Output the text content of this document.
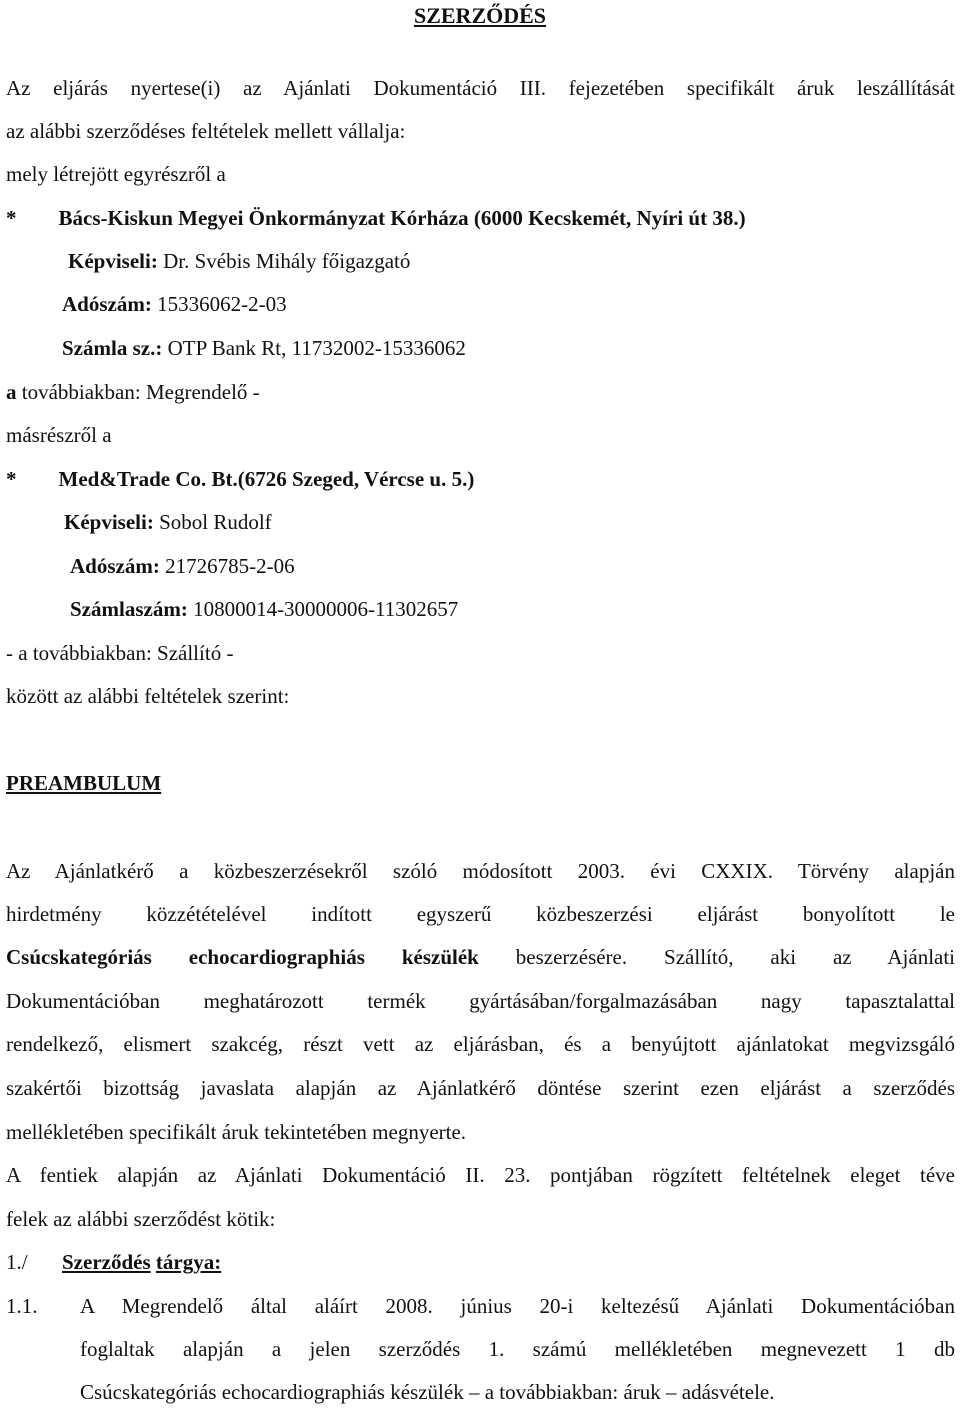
SZERZŐDÉS
Az eljárás nyertese(i) az Ajánlati Dokumentáció III. fejezetében specifikált áruk leszállítását
az alábbi szerződéses feltételek mellett vállalja:
mely létrejött egyrészről a
* Bács-Kiskun Megyei Önkormányzat Kórháza (6000 Kecskemét, Nyíri út 38.)
Képviseli: Dr. Svébis Mihály főigazgató
Adószám: 15336062-2-03
Számla sz.: OTP Bank Rt, 11732002-15336062
a továbbiakban: Megrendelő -
másrészről a
* Med&Trade Co. Bt.(6726 Szeged, Vércse u. 5.)
Képviseli: Sobol Rudolf
Adószám: 21726785-2-06
Számlaszám: 10800014-30000006-11302657
- a továbbiakban: Szállító -
között az alábbi feltételek szerint:
PREAMBULUM
Az Ajánlatkérő a közbeszerzésekről szóló módosított 2003. évi CXXIX. Törvény alapján
hirdetmény közzétételével indított egyszerű közbeszerzési eljárást bonyolított le
Csúcskategóriás echocardiographiás készülék beszerzésére. Szállító, aki az Ajánlati
Dokumentációban meghatározott termék gyártásában/forgalmazásában nagy tapasztalattal
rendelkező, elismert szakcég, részt vett az eljárásban, és a benyújtott ajánlatokat megvizsgáló
szakértői bizottság javaslata alapján az Ajánlatkérő döntése szerint ezen eljárást a szerződés
mellékletében specifikált áruk tekintetében megnyerte.
A fentiek alapján az Ajánlati Dokumentáció II. 23. pontjában rögzített feltételnek eleget téve
felek az alábbi szerződést kötik:
1./ Szerződés tárgya:
1.1. A Megrendelő által aláírt 2008. június 20-i keltezésű Ajánlati Dokumentációban
foglaltak alapján a jelen szerződés 1. számú mellékletében megnevezett 1 db
Csúcskategóriás echocardiographiás készülék – a továbbiakban: áruk – adásvétele.
